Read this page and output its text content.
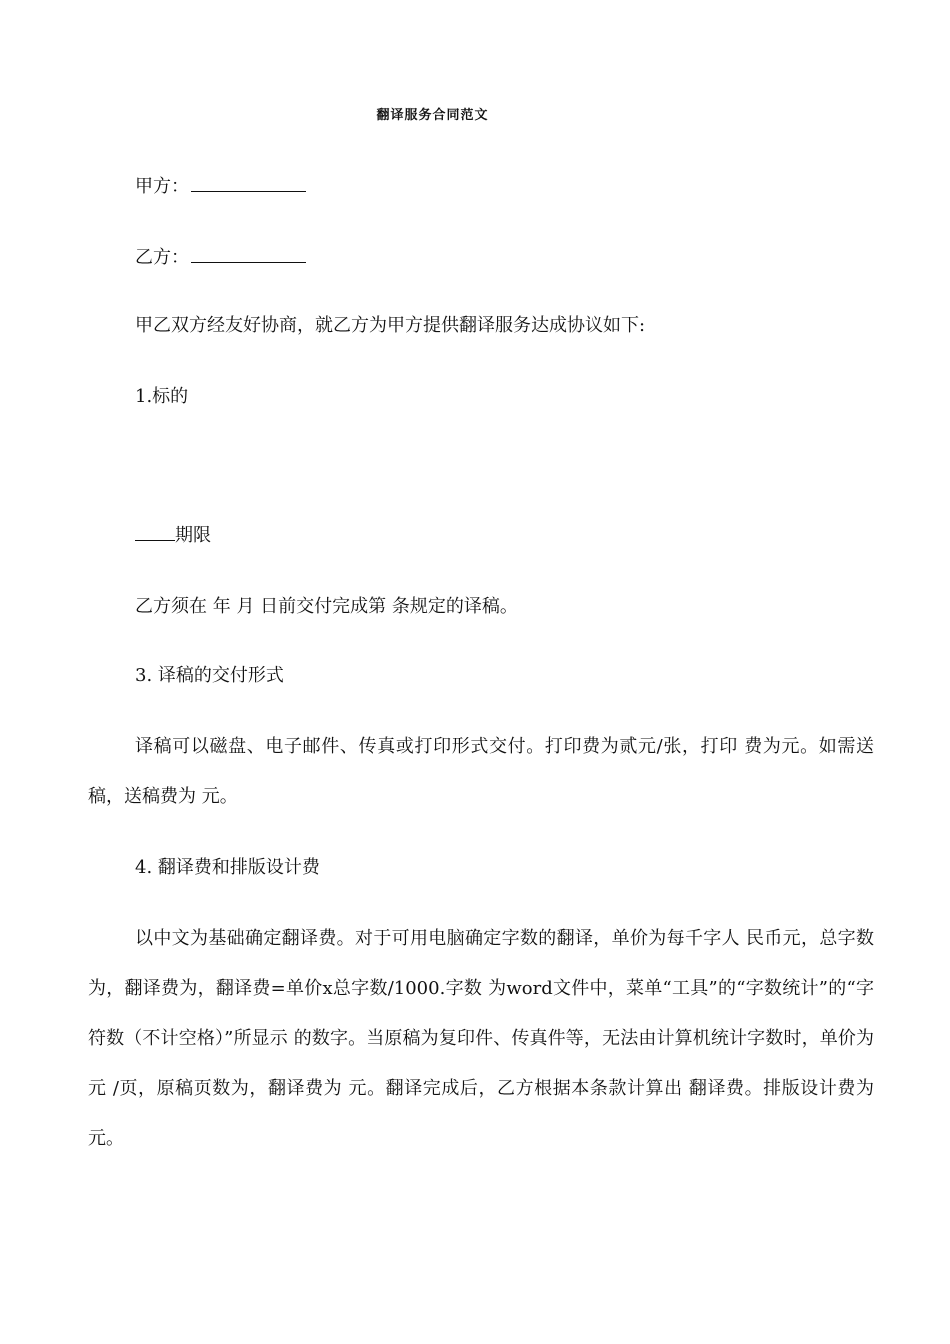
翻译服务合同范文
甲方：
乙方：
甲乙双方经友好协商，就乙方为甲方提供翻译服务达成协议如下:
1.标的
期限
乙方须在 年 月 日前交付完成第 条规定的译稿。
3. 译稿的交付形式
译稿可以磁盘、电子邮件、传真或打印形式交付。打印费为贰元/张，打印 费为元。如需送稿，送稿费为 元。
4. 翻译费和排版设计费
以中文为基础确定翻译费。对于可用电脑确定字数的翻译，单价为每千字人 民币元，总字数为，翻译费为，翻译费=单价x总字数/1000.字数 为word文件中，菜单“工具”的“字数统计”的“字符数（不计空格）”所显示 的数字。当原稿为复印件、传真件等，无法由计算机统计字数时，单价为 元 /页，原稿页数为，翻译费为 元。翻译完成后，乙方根据本条款计算出 翻译费。排版设计费为 元。
